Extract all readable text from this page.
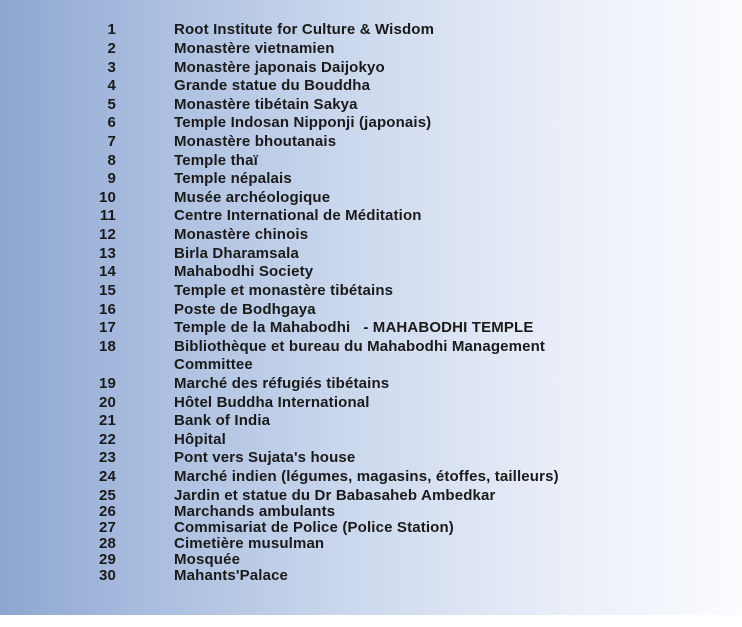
1	Root Institute for Culture & Wisdom
2	Monastère vietnamien
3	Monastère japonais Daijokyo
4	Grande statue du Bouddha
5	Monastère tibétain Sakya
6	Temple Indosan Nipponji (japonais)
7	Monastère bhoutanais
8	Temple thaï
9	Temple népalais
10	Musée archéologique
11	Centre International de Méditation
12	Monastère chinois
13	Birla Dharamsala
14	Mahabodhi Society
15	Temple et monastère tibétains
16	Poste de Bodhgaya
17	Temple de la Mahabodhi   - MAHABODHI TEMPLE
18	Bibliothèque et bureau du Mahabodhi Management
Committee
19	Marché des réfugiés tibétains
20	Hôtel Buddha International
21	Bank of India
22	Hôpital
23	Pont vers Sujata's house
24	Marché indien (légumes, magasins, étoffes, tailleurs)
25	Jardin et statue du Dr Babasaheb Ambedkar
26	Marchands ambulants
27	Commisariat de Police (Police Station)
28	Cimetière musulman
29	Mosquée
30	Mahants'Palace
